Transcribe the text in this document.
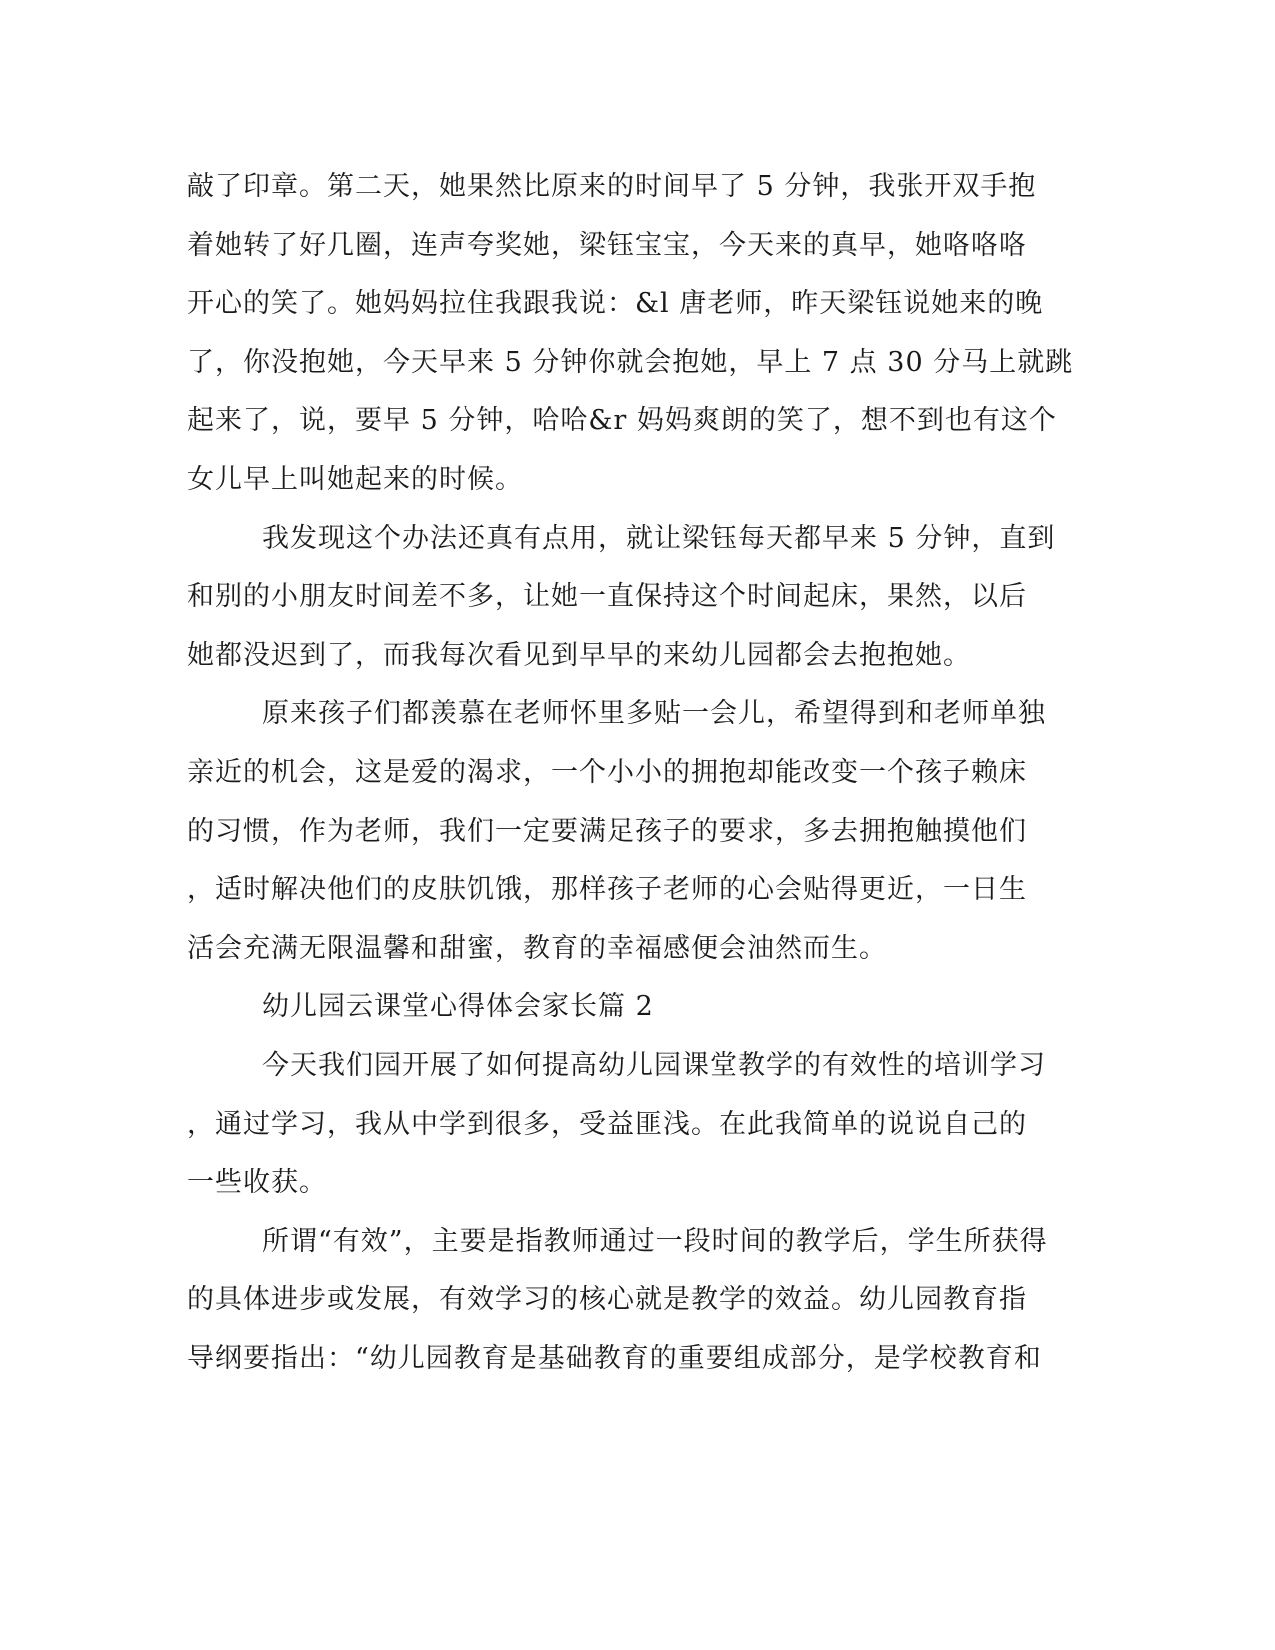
敲了印章。第二天，她果然比原来的时间早了 5 分钟，我张开双手抱
着她转了好几圈，连声夸奖她，梁钰宝宝，今天来的真早，她咯咯咯
开心的笑了。她妈妈拉住我跟我说：&l 唐老师，昨天梁钰说她来的晚
了，你没抱她，今天早来 5 分钟你就会抱她，早上 7 点 30 分马上就跳
起来了，说，要早 5 分钟，哈哈&r 妈妈爽朗的笑了，想不到也有这个
女儿早上叫她起来的时候。
我发现这个办法还真有点用，就让梁钰每天都早来 5 分钟，直到
和别的小朋友时间差不多，让她一直保持这个时间起床，果然，以后
她都没迟到了，而我每次看见到早早的来幼儿园都会去抱抱她。
原来孩子们都羡慕在老师怀里多贴一会儿，希望得到和老师单独
亲近的机会，这是爱的渴求，一个小小的拥抱却能改变一个孩子赖床
的习惯，作为老师，我们一定要满足孩子的要求，多去拥抱触摸他们
，适时解决他们的皮肤饥饿，那样孩子老师的心会贴得更近，一日生
活会充满无限温馨和甜蜜，教育的幸福感便会油然而生。
幼儿园云课堂心得体会家长篇 2
今天我们园开展了如何提高幼儿园课堂教学的有效性的培训学习
，通过学习，我从中学到很多，受益匪浅。在此我简单的说说自己的
一些收获。
所谓“有效”，主要是指教师通过一段时间的教学后，学生所获得
的具体进步或发展，有效学习的核心就是教学的效益。幼儿园教育指
导纲要指出：“幼儿园教育是基础教育的重要组成部分，是学校教育和
